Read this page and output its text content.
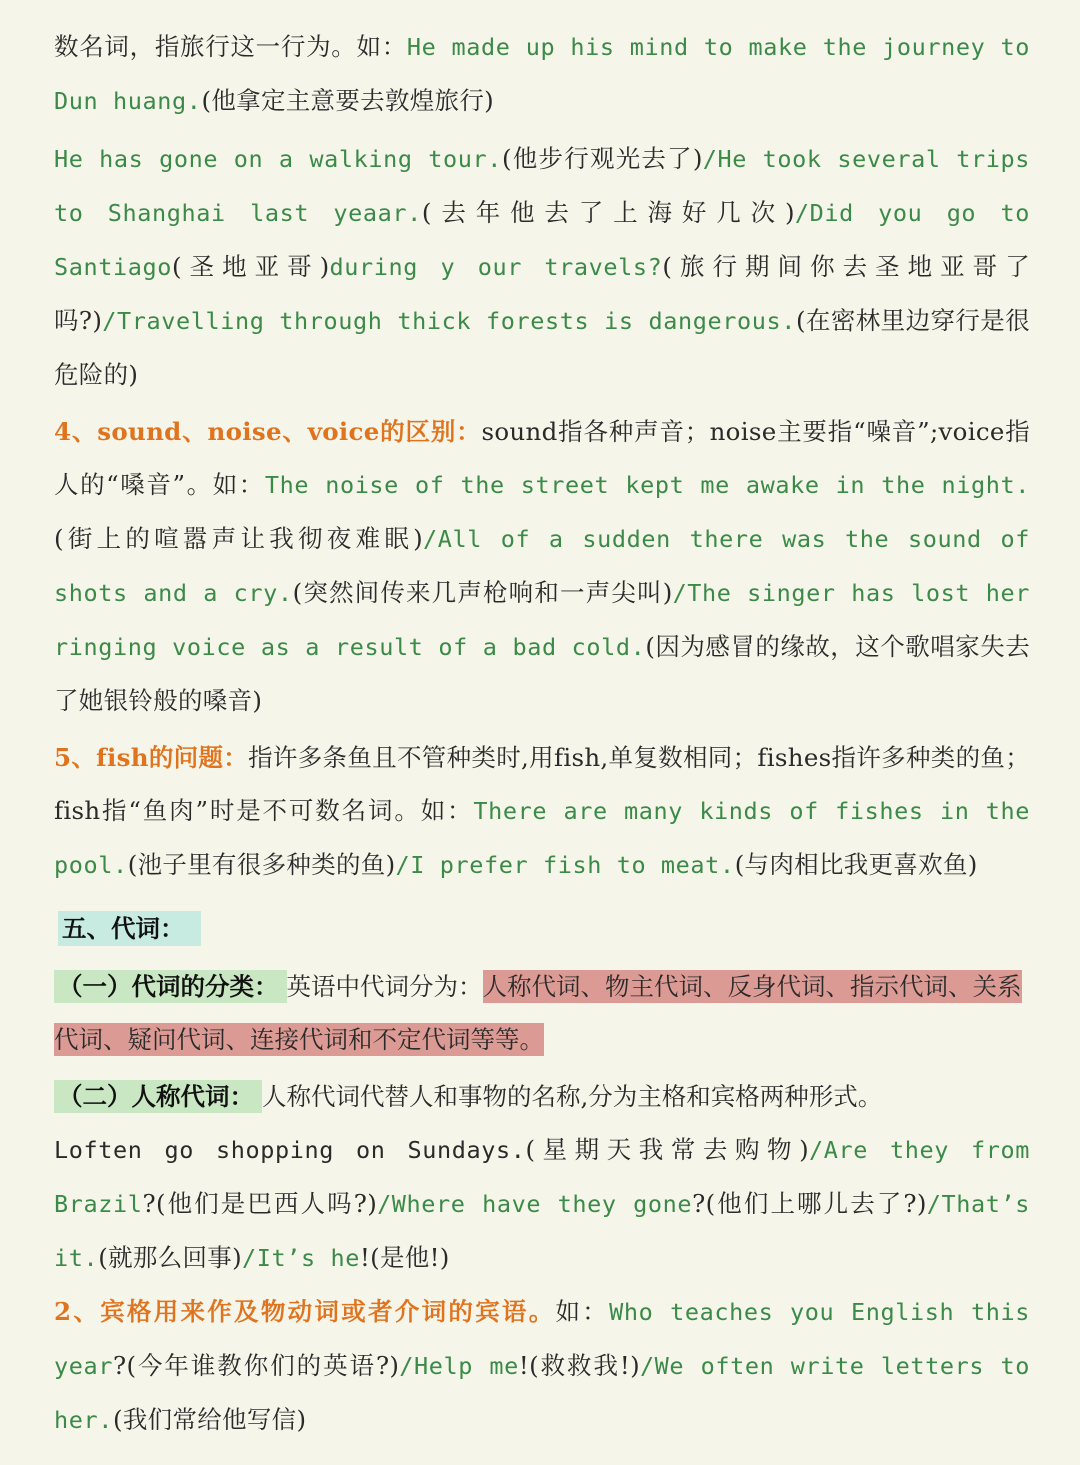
数名词，指旅行这一行为。如：He made up his mind to make the journey to Dun huang.(他拿定主意要去敦煌旅行)

He has gone on a walking tour.(他步行观光去了)/He took several trips to Shanghai last yeaar.(去年他去了上海好几次)/Did you go to Santiago(圣地亚哥)during y our travels?(旅行期间你去圣地亚哥了吗?)/Travelling through thick forests is dangerous.(在密林里边穿行是很危险的)

4、sound、noise、voice的区别：sound指各种声音；noise主要指“噪音”;voice指人的“嗓音”。如：The noise of the street kept me awake in the night.(街上的喧嚣声让我彻夜难眠)/All of a sudden there was the sound of shots and a cry.(突然间传来几声枪响和一声尖叫)/The singer has lost her ringing voice as a result of a bad cold.(因为感冒的缘故，这个歌唱家失去了她银铃般的嗓音)

5、fish的问题：指许多条鱼且不管种类时,用fish,单复数相同；fishes指许多种类的鱼；fish指“鱼肉”时是不可数名词。如：There are many kinds of fishes in the pool.(池子里有很多种类的鱼)/I prefer fish to meat.(与肉相比我更喜欢鱼)

五、代词：

（一）代词的分类： 英语中代词分为：人称代词、物主代词、反身代词、指示代词、关系代词、疑问代词、连接代词和不定代词等等。

（二）人称代词： 人称代词代替人和事物的名称,分为主格和宾格两种形式。

Loften go shopping on Sundays.(星期天我常去购物)/Are they from Brazil?(他们是巴西人吗?)/Where have they gone?(他们上哪儿去了?)/That’s it.(就那么回事)/It’s he!(是他!)

2、宾格用来作及物动词或者介词的宾语。如：Who teaches you English this year?(今年谁教你们的英语?)/Help me!(救救我!)/We often write letters to her.(我们常给他写信)
